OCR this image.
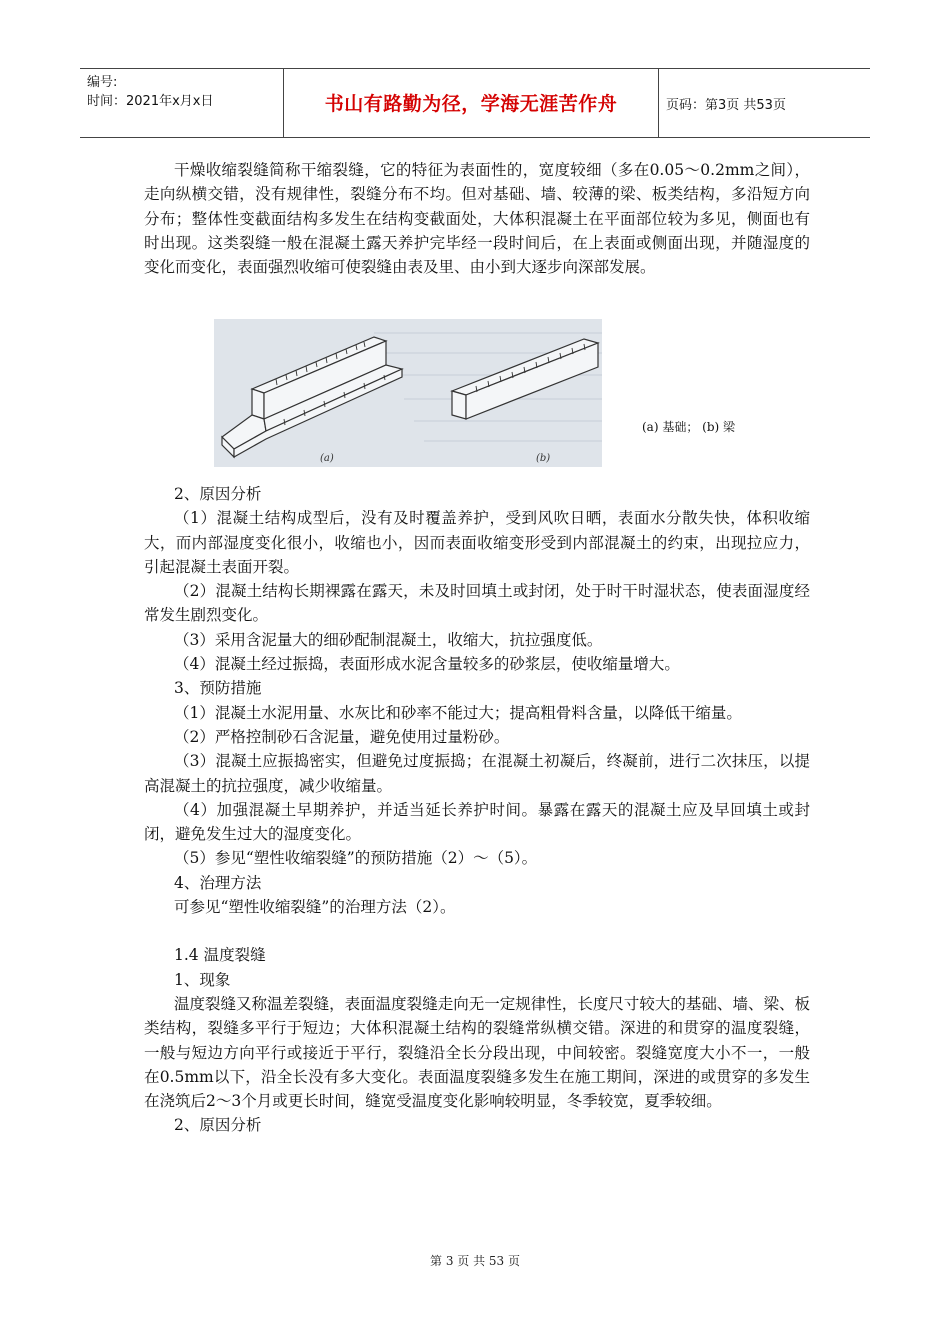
编号:
时间：2021年x月x日	书山有路勤为径，学海无涯苦作舟	页码：第3页 共53页
(a)	(b)
(a) 基础； (b) 梁

干燥收缩裂缝简称干缩裂缝，它的特征为表面性的，宽度较细（多在0.05～0.2mm之间），走向纵横交错，没有规律性，裂缝分布不均。但对基础、墙、较薄的梁、板类结构，多沿短方向分布；整体性变截面结构多发生在结构变截面处，大体积混凝土在平面部位较为多见，侧面也有时出现。这类裂缝一般在混凝土露天养护完毕经一段时间后，在上表面或侧面出现，并随湿度的变化而变化，表面强烈收缩可使裂缝由表及里、由小到大逐步向深部发展。

2、原因分析

（1）混凝土结构成型后，没有及时覆盖养护，受到风吹日晒，表面水分散失快，体积收缩大，而内部湿度变化很小，收缩也小，因而表面收缩变形受到内部混凝土的约束，出现拉应力，引起混凝土表面开裂。

（2）混凝土结构长期裸露在露天，未及时回填土或封闭，处于时干时湿状态，使表面湿度经常发生剧烈变化。

（3）采用含泥量大的细砂配制混凝土，收缩大，抗拉强度低。

（4）混凝土经过振捣，表面形成水泥含量较多的砂浆层，使收缩量增大。

3、预防措施

（1）混凝土水泥用量、水灰比和砂率不能过大；提高粗骨料含量，以降低干缩量。

（2）严格控制砂石含泥量，避免使用过量粉砂。

（3）混凝土应振捣密实，但避免过度振捣；在混凝土初凝后，终凝前，进行二次抹压，以提高混凝土的抗拉强度，减少收缩量。

（4）加强混凝土早期养护，并适当延长养护时间。暴露在露天的混凝土应及早回填土或封闭，避免发生过大的湿度变化。

（5）参见“塑性收缩裂缝”的预防措施（2）～（5）。

4、治理方法

可参见“塑性收缩裂缝”的治理方法（2）。

1.4 温度裂缝

1、现象

温度裂缝又称温差裂缝，表面温度裂缝走向无一定规律性，长度尺寸较大的基础、墙、梁、板类结构，裂缝多平行于短边；大体积混凝土结构的裂缝常纵横交错。深进的和贯穿的温度裂缝，一般与短边方向平行或接近于平行，裂缝沿全长分段出现，中间较密。裂缝宽度大小不一，一般在0.5mm以下，沿全长没有多大变化。表面温度裂缝多发生在施工期间，深进的或贯穿的多发生在浇筑后2～3个月或更长时间，缝宽受温度变化影响较明显，冬季较宽，夏季较细。

2、原因分析

第 3 页 共 53 页
